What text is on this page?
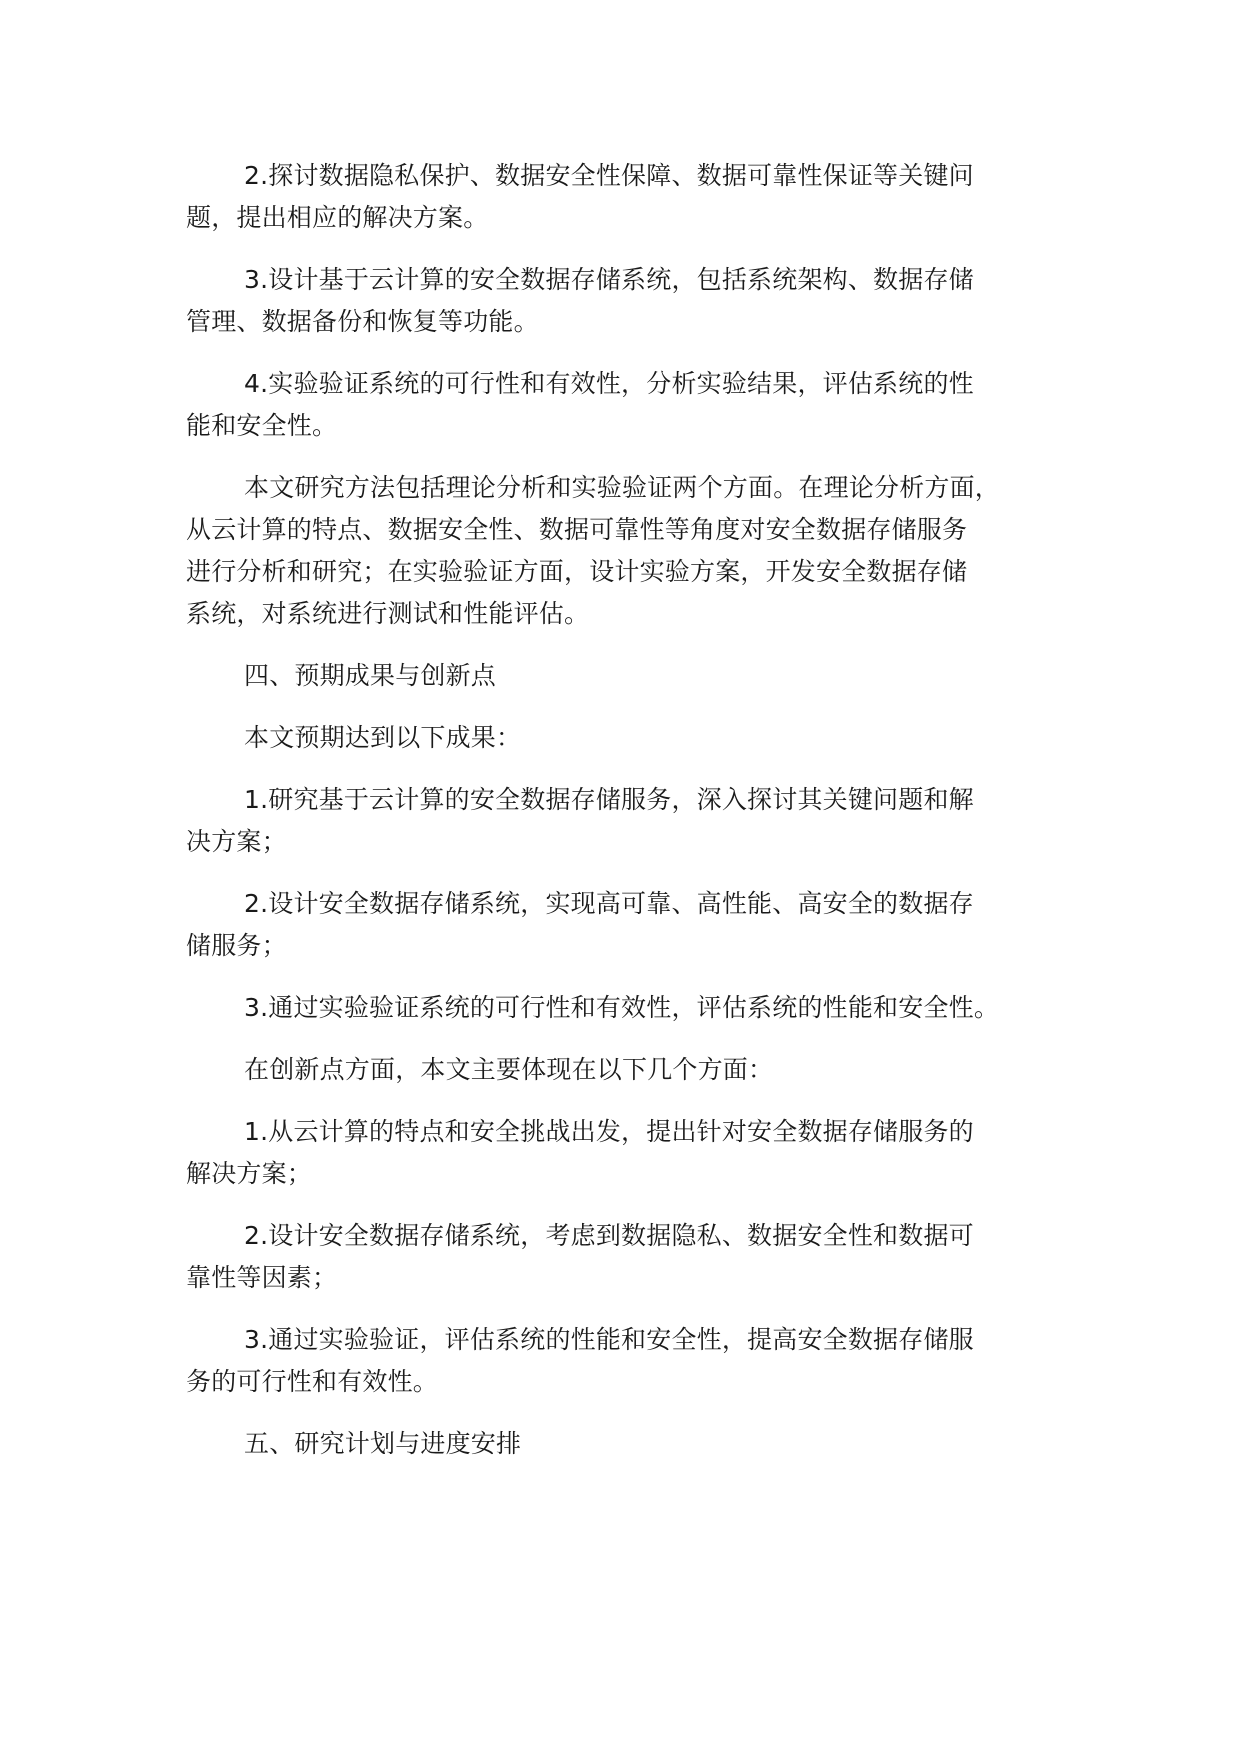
2.探讨数据隐私保护、数据安全性保障、数据可靠性保证等关键问
题，提出相应的解决方案。

3.设计基于云计算的安全数据存储系统，包括系统架构、数据存储
管理、数据备份和恢复等功能。

4.实验验证系统的可行性和有效性，分析实验结果，评估系统的性
能和安全性。

本文研究方法包括理论分析和实验验证两个方面。在理论分析方面，
从云计算的特点、数据安全性、数据可靠性等角度对安全数据存储服务
进行分析和研究；在实验验证方面，设计实验方案，开发安全数据存储
系统，对系统进行测试和性能评估。

四、预期成果与创新点

本文预期达到以下成果：

1.研究基于云计算的安全数据存储服务，深入探讨其关键问题和解
决方案；

2.设计安全数据存储系统，实现高可靠、高性能、高安全的数据存
储服务；

3.通过实验验证系统的可行性和有效性，评估系统的性能和安全性。

在创新点方面，本文主要体现在以下几个方面：

1.从云计算的特点和安全挑战出发，提出针对安全数据存储服务的
解决方案；

2.设计安全数据存储系统，考虑到数据隐私、数据安全性和数据可
靠性等因素；

3.通过实验验证，评估系统的性能和安全性，提高安全数据存储服
务的可行性和有效性。

五、研究计划与进度安排
